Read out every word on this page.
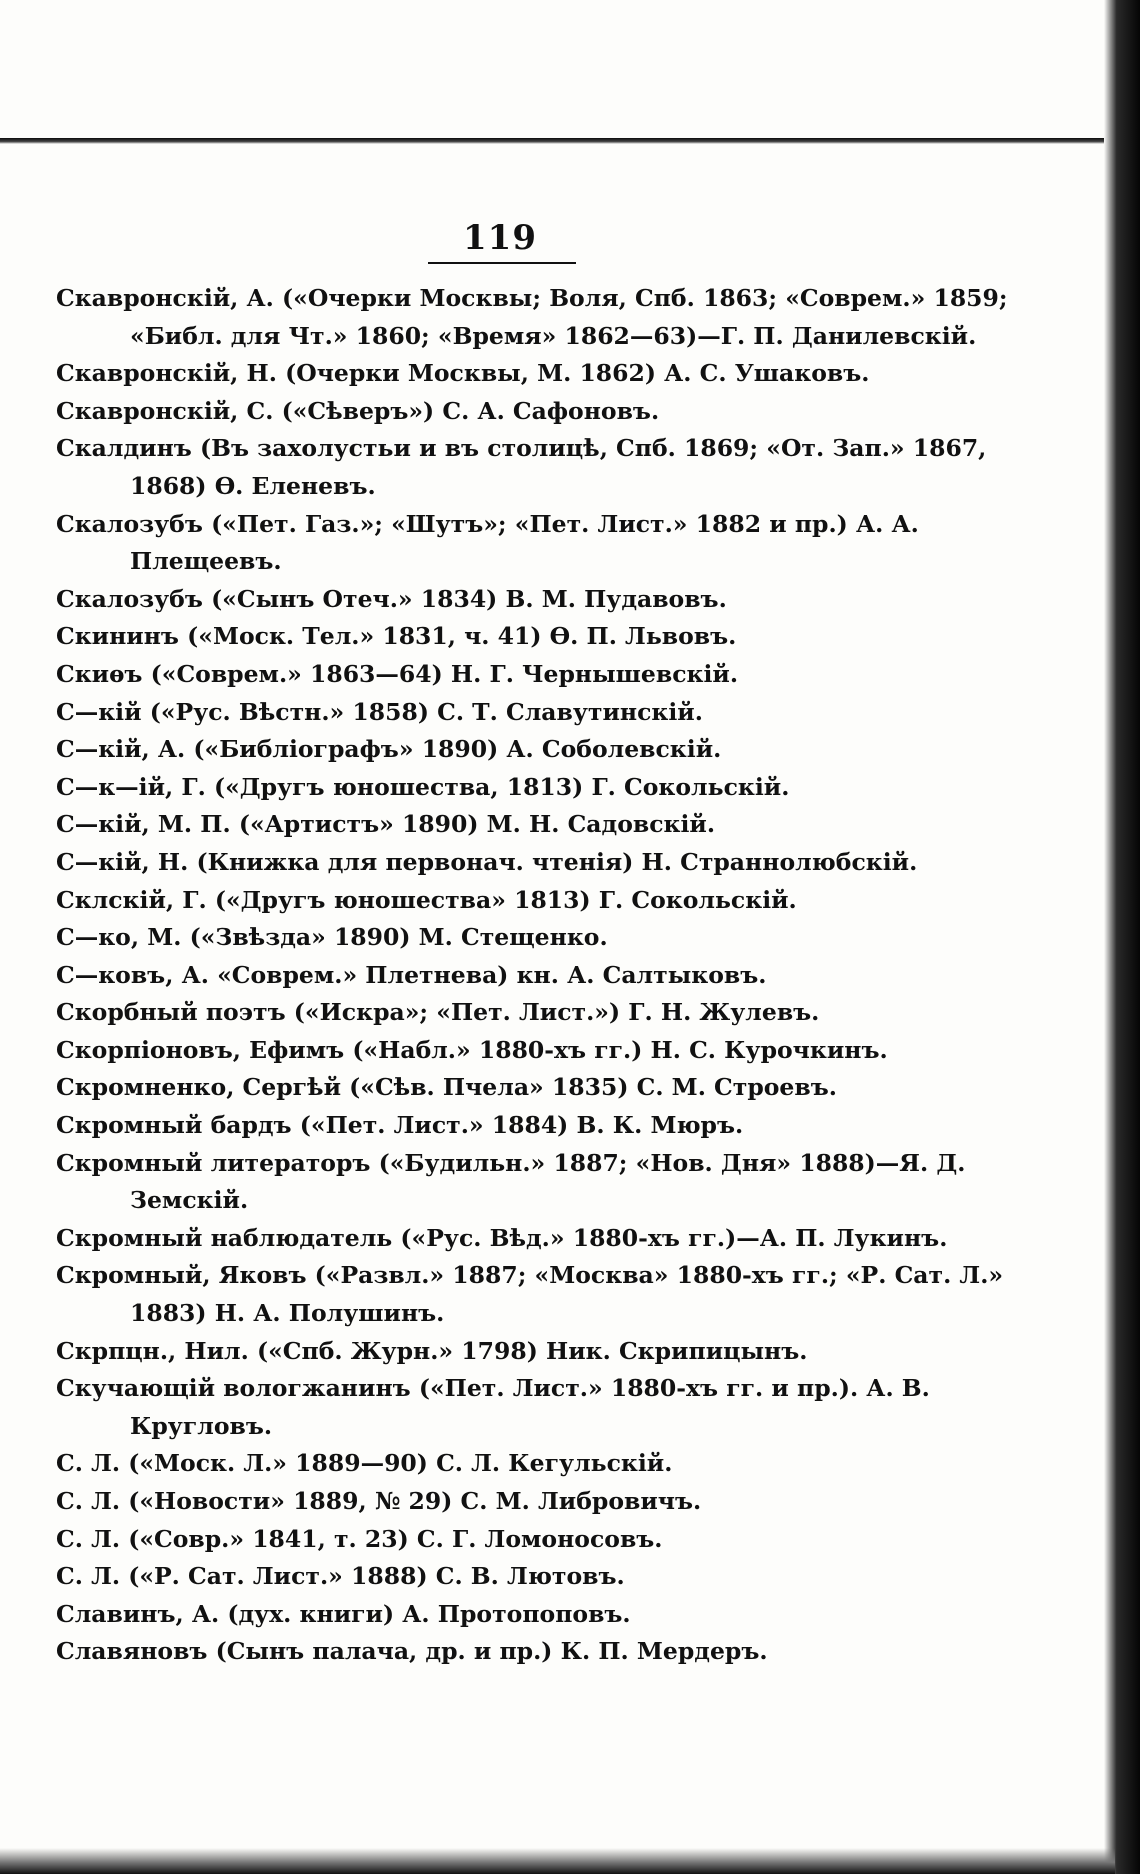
119
Скавронскій, А. («Очерки Москвы; Воля, Спб. 1863; «Соврем.» 1859;
«Библ. для Чт.» 1860; «Время» 1862—63)—Г. П. Данилевскій.
Скавронскій, Н. (Очерки Москвы, М. 1862) А. С. Ушаковъ.
Скавронскій, С. («Сѣверъ») С. А. Сафоновъ.
Скалдинъ (Въ захолустьи и въ столицѣ, Спб. 1869; «От. Зап.» 1867,
1868) Ѳ. Еленевъ.
Скалозубъ («Пет. Газ.»; «Шутъ»; «Пет. Лист.» 1882 и пр.) А. А.
Плещеевъ.
Скалозубъ («Сынъ Отеч.» 1834) В. М. Пудавовъ.
Скининъ («Моск. Тел.» 1831, ч. 41) Ѳ. П. Львовъ.
Скиѳъ («Соврем.» 1863—64) Н. Г. Чернышевскій.
С—кій («Рус. Вѣстн.» 1858) С. Т. Славутинскій.
С—кій, А. («Библіографъ» 1890) А. Соболевскій.
С—к—ій, Г. («Другъ юношества, 1813) Г. Сокольскій.
С—кій, М. П. («Артистъ» 1890) М. Н. Садовскій.
С—кій, Н. (Книжка для первонач. чтенія) Н. Страннолюбскій.
Склскій, Г. («Другъ юношества» 1813) Г. Сокольскій.
С—ко, М. («Звѣзда» 1890) М. Стещенко.
С—ковъ, А. «Соврем.» Плетнева) кн. А. Салтыковъ.
Скорбный поэтъ («Искра»; «Пет. Лист.») Г. Н. Жулевъ.
Скорпіоновъ, Ефимъ («Набл.» 1880-хъ гг.) Н. С. Курочкинъ.
Скромненко, Сергѣй («Сѣв. Пчела» 1835) С. М. Строевъ.
Скромный бардъ («Пет. Лист.» 1884) В. К. Мюръ.
Скромный литераторъ («Будильн.» 1887; «Нов. Дня» 1888)—Я. Д.
Земскій.
Скромный наблюдатель («Рус. Вѣд.» 1880-хъ гг.)—А. П. Лукинъ.
Скромный, Яковъ («Развл.» 1887; «Москва» 1880-хъ гг.; «Р. Сат. Л.»
1883) Н. А. Полушинъ.
Скрпцн., Нил. («Спб. Журн.» 1798) Ник. Скрипицынъ.
Скучающій вологжанинъ («Пет. Лист.» 1880-хъ гг. и пр.). А. В.
Кругловъ.
С. Л. («Моск. Л.» 1889—90) С. Л. Кегульскій.
С. Л. («Новости» 1889, № 29) С. М. Либровичъ.
С. Л. («Совр.» 1841, т. 23) С. Г. Ломоносовъ.
С. Л. («Р. Сат. Лист.» 1888) С. В. Лютовъ.
Славинъ, А. (дух. книги) А. Протопоповъ.
Славяновъ (Сынъ палача, др. и пр.) К. П. Мердеръ.
